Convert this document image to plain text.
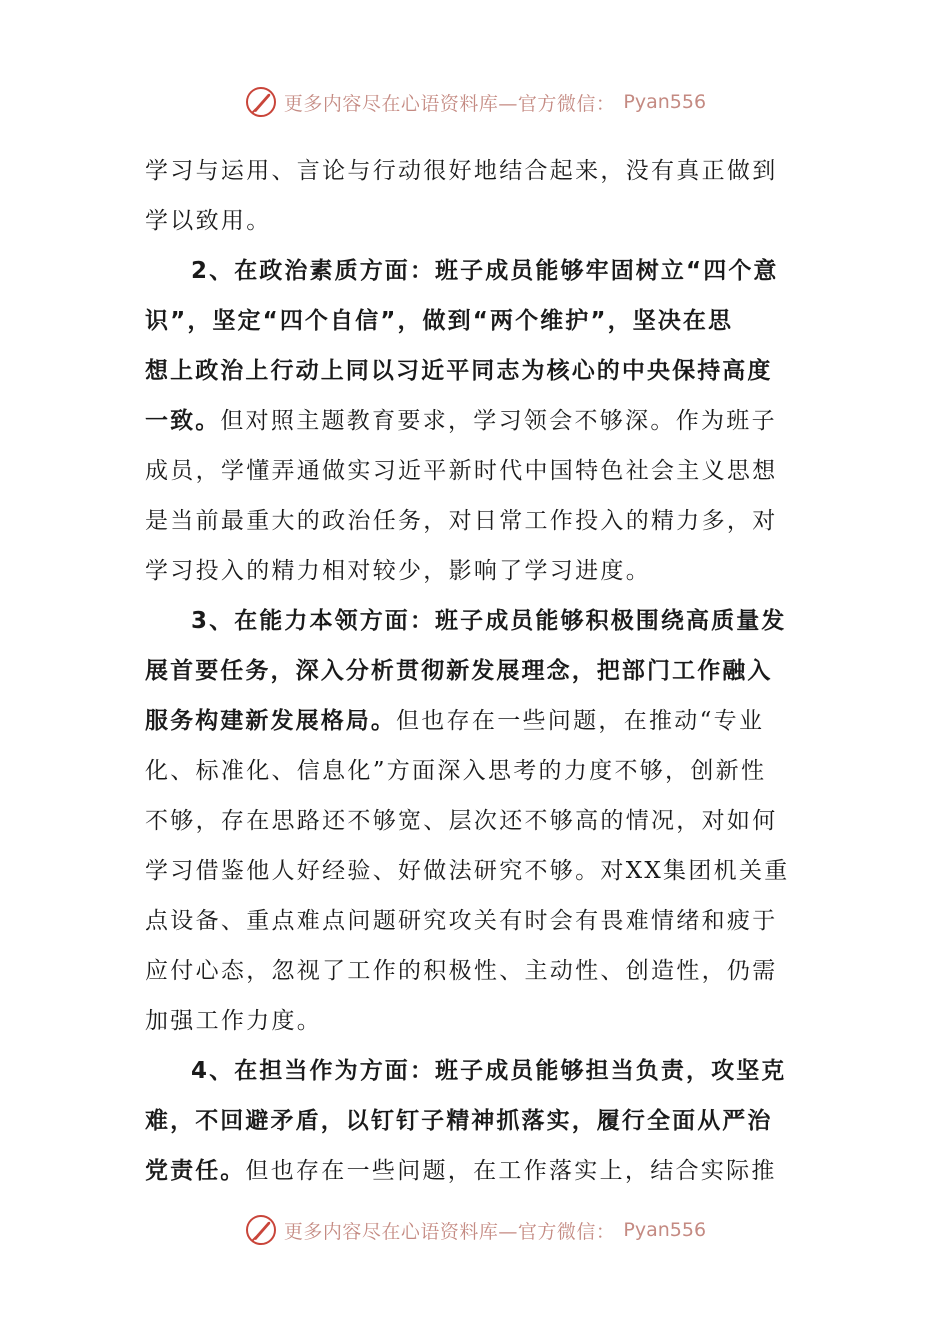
更多内容尽在心语资料库—官方微信： Pyan556
学习与运用、言论与行动很好地结合起来，没有真正做到
学以致用。
2、在政治素质方面：班子成员能够牢固树立“四个意
识”，坚定“四个自信”，做到“两个维护”，坚决在思
想上政治上行动上同以习近平同志为核心的中央保持高度
一致。但对照主题教育要求，学习领会不够深。作为班子
成员，学懂弄通做实习近平新时代中国特色社会主义思想
是当前最重大的政治任务，对日常工作投入的精力多，对
学习投入的精力相对较少，影响了学习进度。
3、在能力本领方面：班子成员能够积极围绕高质量发
展首要任务，深入分析贯彻新发展理念，把部门工作融入
服务构建新发展格局。但也存在一些问题，在推动“专业
化、标准化、信息化”方面深入思考的力度不够，创新性
不够，存在思路还不够宽、层次还不够高的情况，对如何
学习借鉴他人好经验、好做法研究不够。对XX集团机关重
点设备、重点难点问题研究攻关有时会有畏难情绪和疲于
应付心态，忽视了工作的积极性、主动性、创造性，仍需
加强工作力度。
4、在担当作为方面：班子成员能够担当负责，攻坚克
难，不回避矛盾，以钉钉子精神抓落实，履行全面从严治
党责任。但也存在一些问题，在工作落实上，结合实际推
更多内容尽在心语资料库—官方微信： Pyan556
